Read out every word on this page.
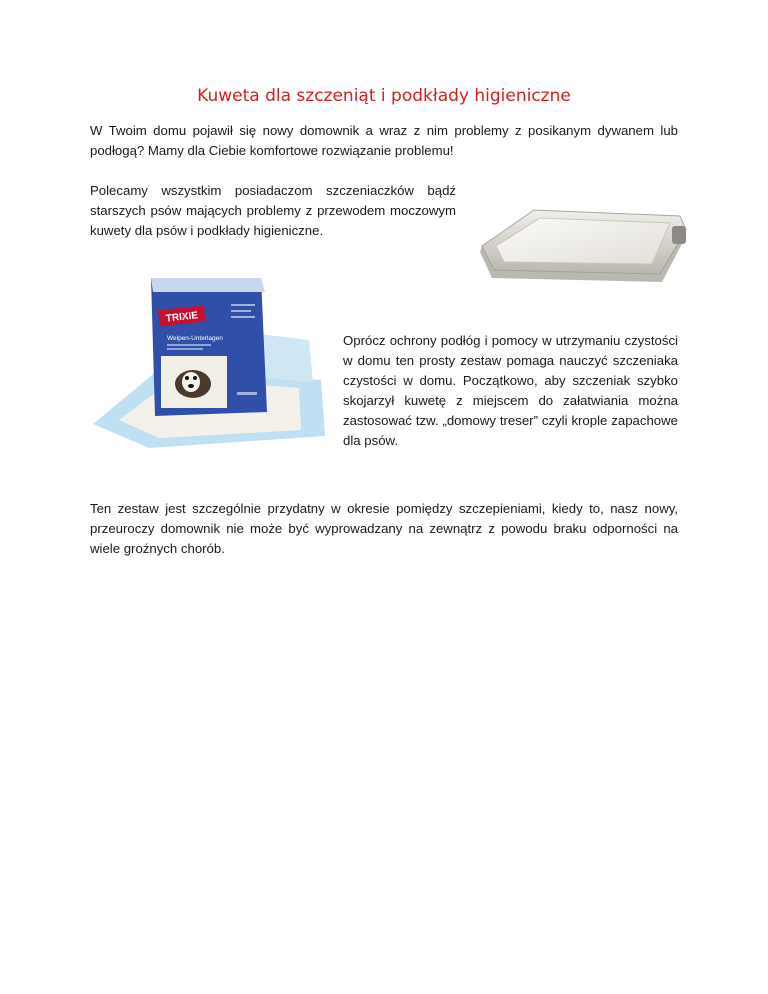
Kuweta dla szczeniąt i podkłady higieniczne

W Twoim domu pojawił się nowy domownik a wraz z nim problemy z posikanym dywanem lub podłogą? Mamy dla Ciebie komfortowe rozwiązanie problemu!

Polecamy wszystkim posiadaczom szczeniaczków bądź starszych psów mających problemy z przewodem moczowym kuwety dla psów i podkłady higieniczne.

TRIXIE
Welpen-Unterlagen	Oprócz ochrony podłóg i pomocy w utrzymaniu czystości w domu ten prosty zestaw pomaga nauczyć szczeniaka czystości w domu. Początkowo, aby szczeniak szybko skojarzył kuwetę z miejscem do załatwiania można zastosować tzw. „domowy treser” czyli krople zapachowe dla psów.

Ten zestaw jest szczególnie przydatny w okresie pomiędzy szczepieniami, kiedy to, nasz nowy, przeuroczy domownik nie może być wyprowadzany na zewnątrz z powodu braku odporności na wiele groźnych chorób.
